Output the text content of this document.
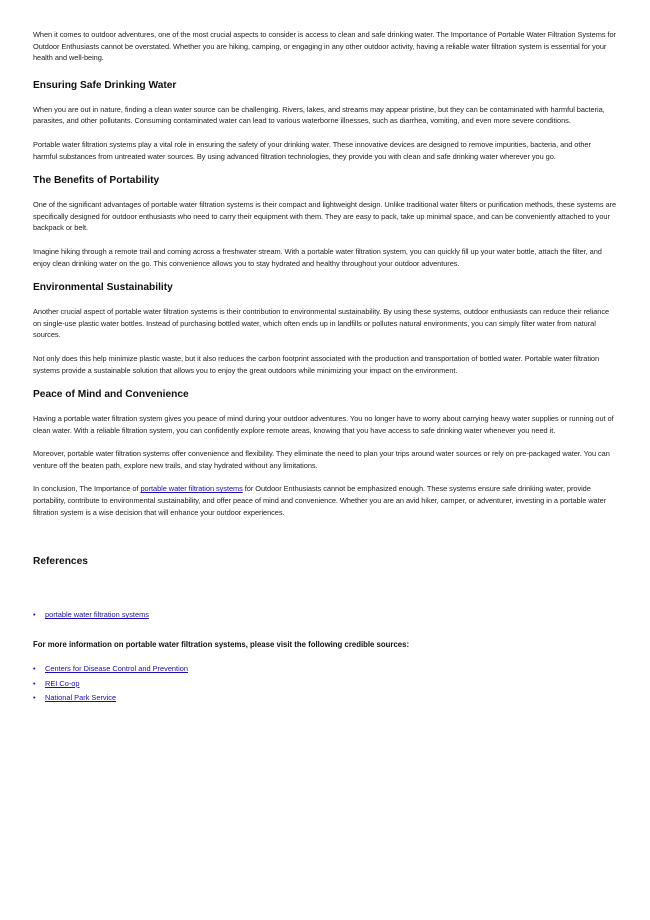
When it comes to outdoor adventures, one of the most crucial aspects to consider is access to clean and safe drinking water. The Importance of Portable Water Filtration Systems for Outdoor Enthusiasts cannot be overstated. Whether you are hiking, camping, or engaging in any other outdoor activity, having a reliable water filtration system is essential for your health and well-being.

Ensuring Safe Drinking Water

When you are out in nature, finding a clean water source can be challenging. Rivers, lakes, and streams may appear pristine, but they can be contaminated with harmful bacteria, parasites, and other pollutants. Consuming contaminated water can lead to various waterborne illnesses, such as diarrhea, vomiting, and even more severe conditions.

Portable water filtration systems play a vital role in ensuring the safety of your drinking water. These innovative devices are designed to remove impurities, bacteria, and other harmful substances from untreated water sources. By using advanced filtration technologies, they provide you with clean and safe drinking water wherever you go.

The Benefits of Portability

One of the significant advantages of portable water filtration systems is their compact and lightweight design. Unlike traditional water filters or purification methods, these systems are specifically designed for outdoor enthusiasts who need to carry their equipment with them. They are easy to pack, take up minimal space, and can be conveniently attached to your backpack or belt.

Imagine hiking through a remote trail and coming across a freshwater stream. With a portable water filtration system, you can quickly fill up your water bottle, attach the filter, and enjoy clean drinking water on the go. This convenience allows you to stay hydrated and healthy throughout your outdoor adventures.

Environmental Sustainability

Another crucial aspect of portable water filtration systems is their contribution to environmental sustainability. By using these systems, outdoor enthusiasts can reduce their reliance on single-use plastic water bottles. Instead of purchasing bottled water, which often ends up in landfills or pollutes natural environments, you can simply filter water from natural sources.

Not only does this help minimize plastic waste, but it also reduces the carbon footprint associated with the production and transportation of bottled water. Portable water filtration systems provide a sustainable solution that allows you to enjoy the great outdoors while minimizing your impact on the environment.

Peace of Mind and Convenience

Having a portable water filtration system gives you peace of mind during your outdoor adventures. You no longer have to worry about carrying heavy water supplies or running out of clean water. With a reliable filtration system, you can confidently explore remote areas, knowing that you have access to safe drinking water whenever you need it.

Moreover, portable water filtration systems offer convenience and flexibility. They eliminate the need to plan your trips around water sources or rely on pre-packaged water. You can venture off the beaten path, explore new trails, and stay hydrated without any limitations.

In conclusion, The Importance of portable water filtration systems for Outdoor Enthusiasts cannot be emphasized enough. These systems ensure safe drinking water, provide portability, contribute to environmental sustainability, and offer peace of mind and convenience. Whether you are an avid hiker, camper, or adventurer, investing in a portable water filtration system is a wise decision that will enhance your outdoor experiences.

References
• portable water filtration systems
For more information on portable water filtration systems, please visit the following credible sources:
• Centers for Disease Control and Prevention
• REI Co-op
• National Park Service
